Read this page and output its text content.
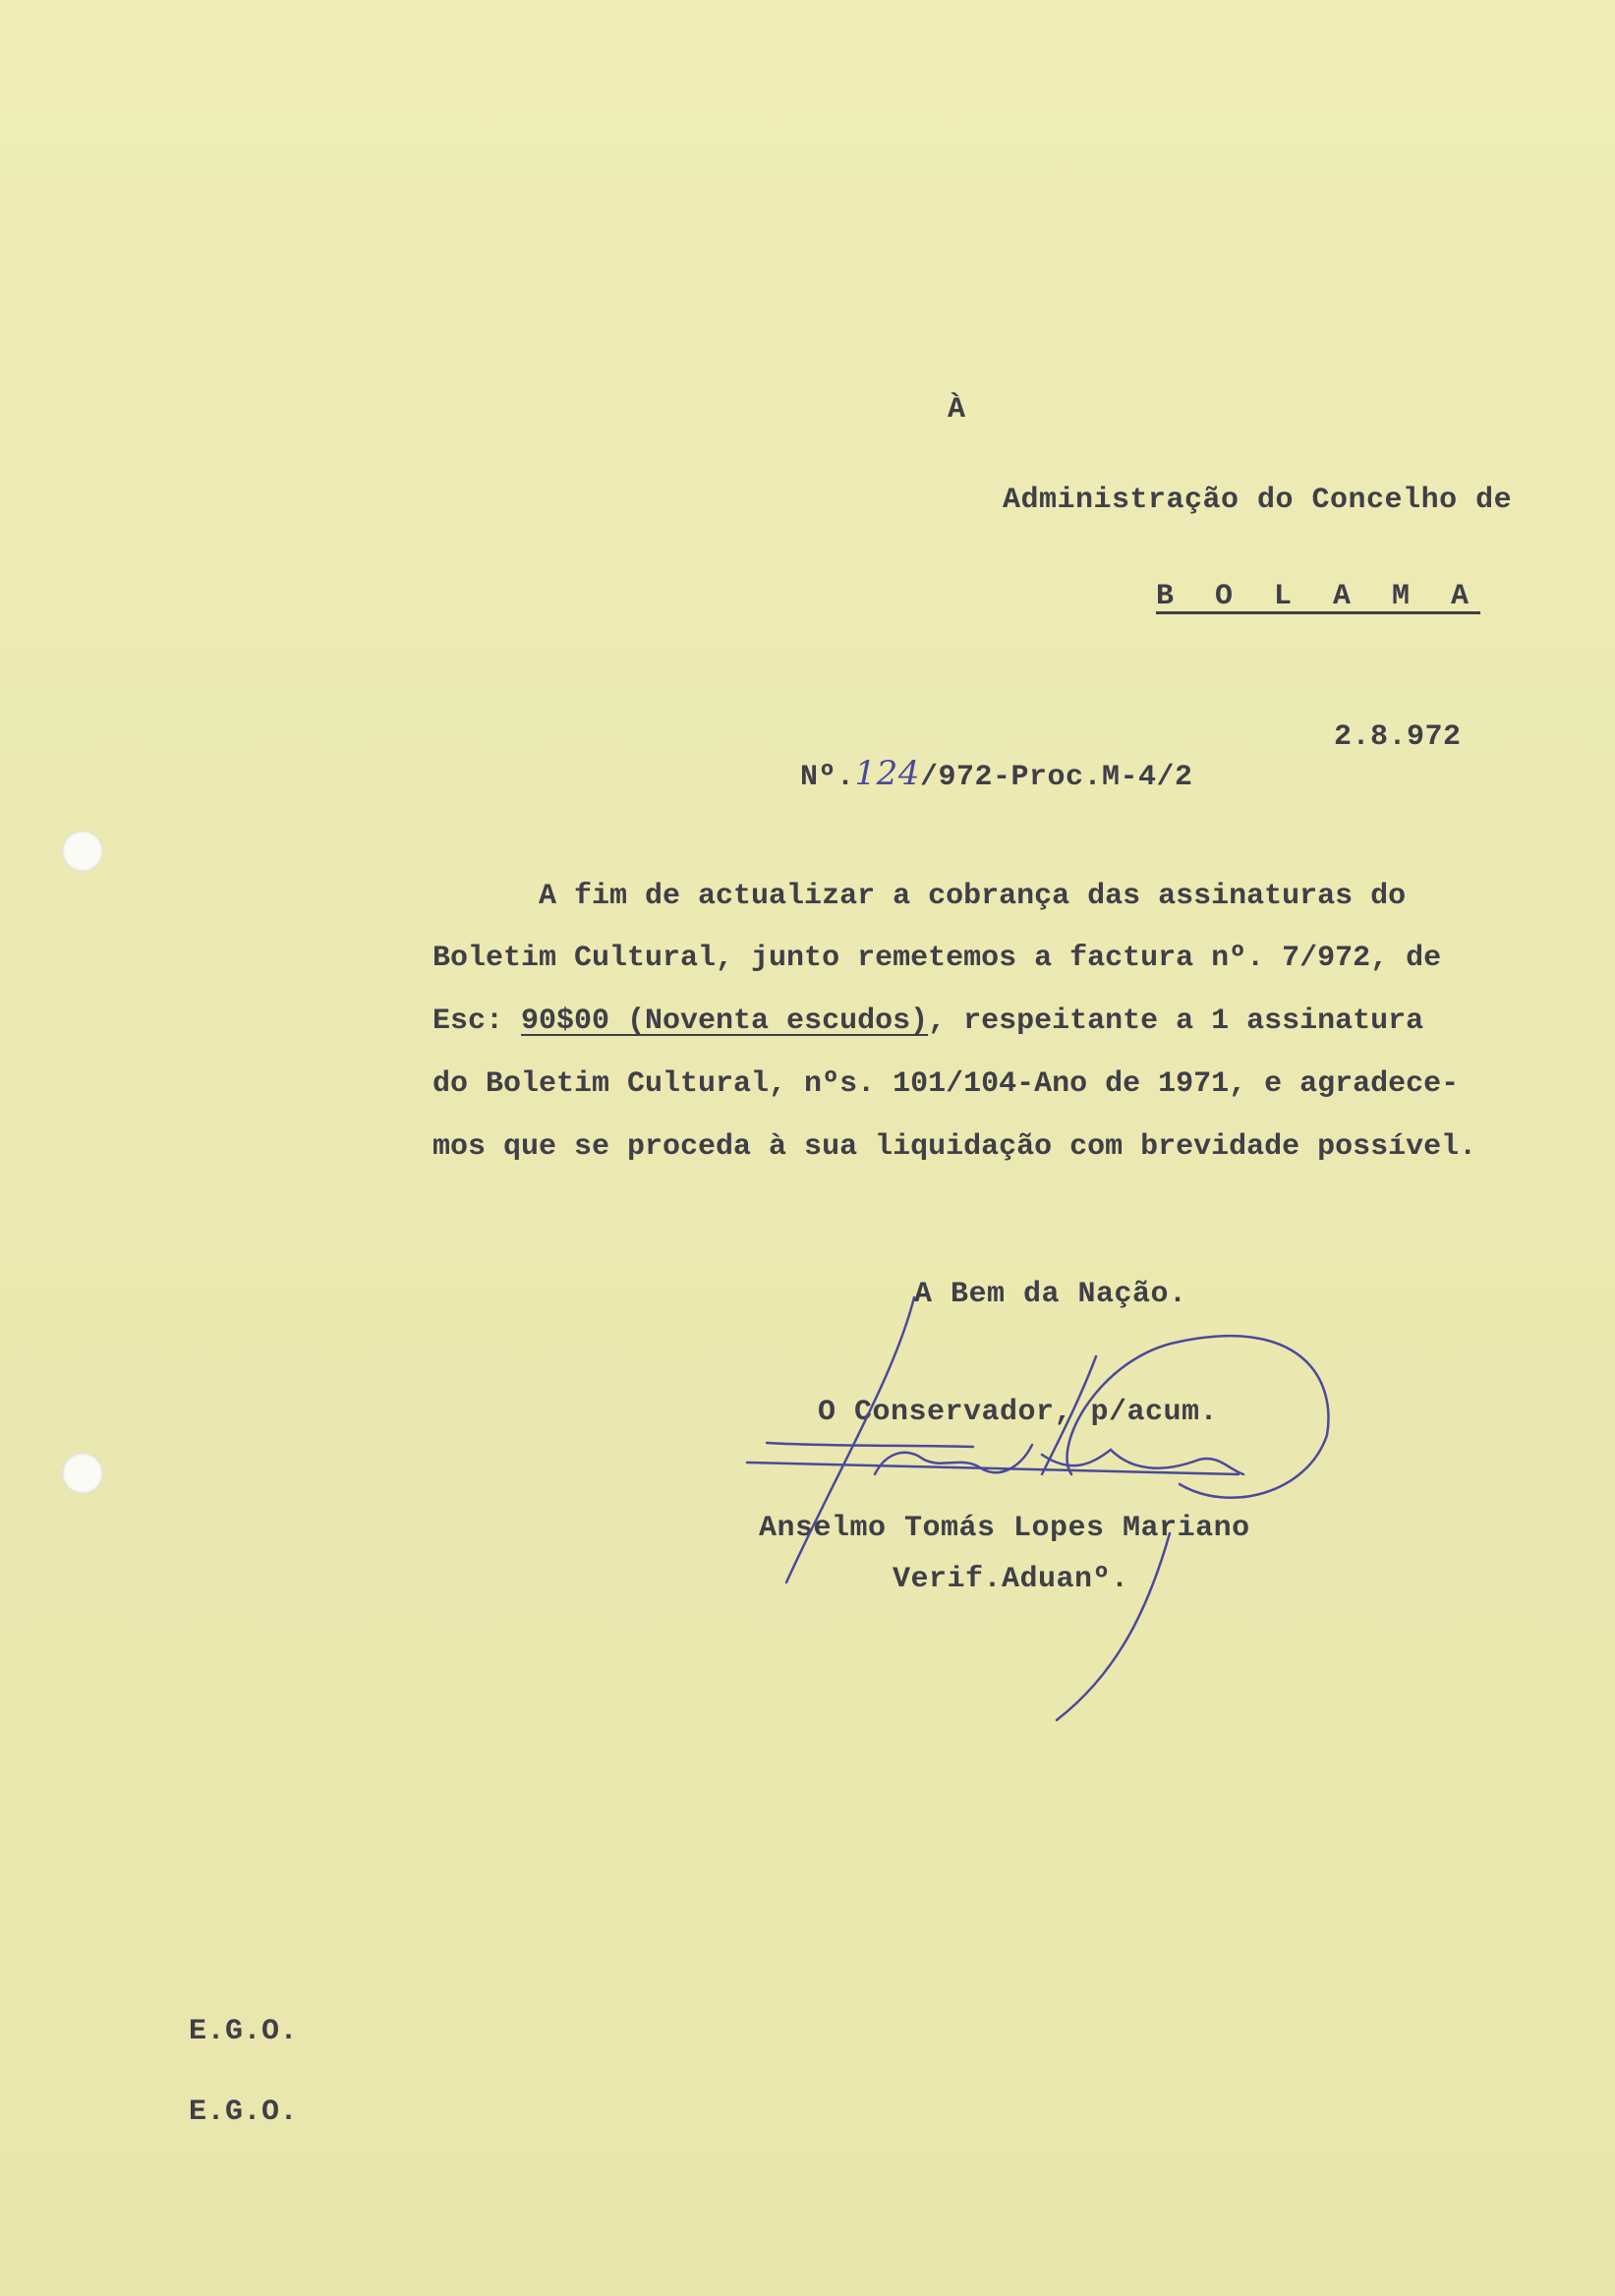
À
Administração do Concelho de
B O L A M A

Nº.124/972-Proc.M-4/2

2.8.972
A fim de actualizar a cobrança das assinaturas do
Boletim Cultural, junto remetemos a factura nº. 7/972, de
Esc: 90$00 (Noventa escudos), respeitante a 1 assinatura
do Boletim Cultural, nºs. 101/104-Ano de 1971, e agradece-
mos que se proceda à sua liquidação com brevidade possível.
A Bem da Nação.
O Conservador, p/acum.
Anselmo Tomás Lopes Mariano
Verif.Aduanº.
E.G.O.
E.G.O.
